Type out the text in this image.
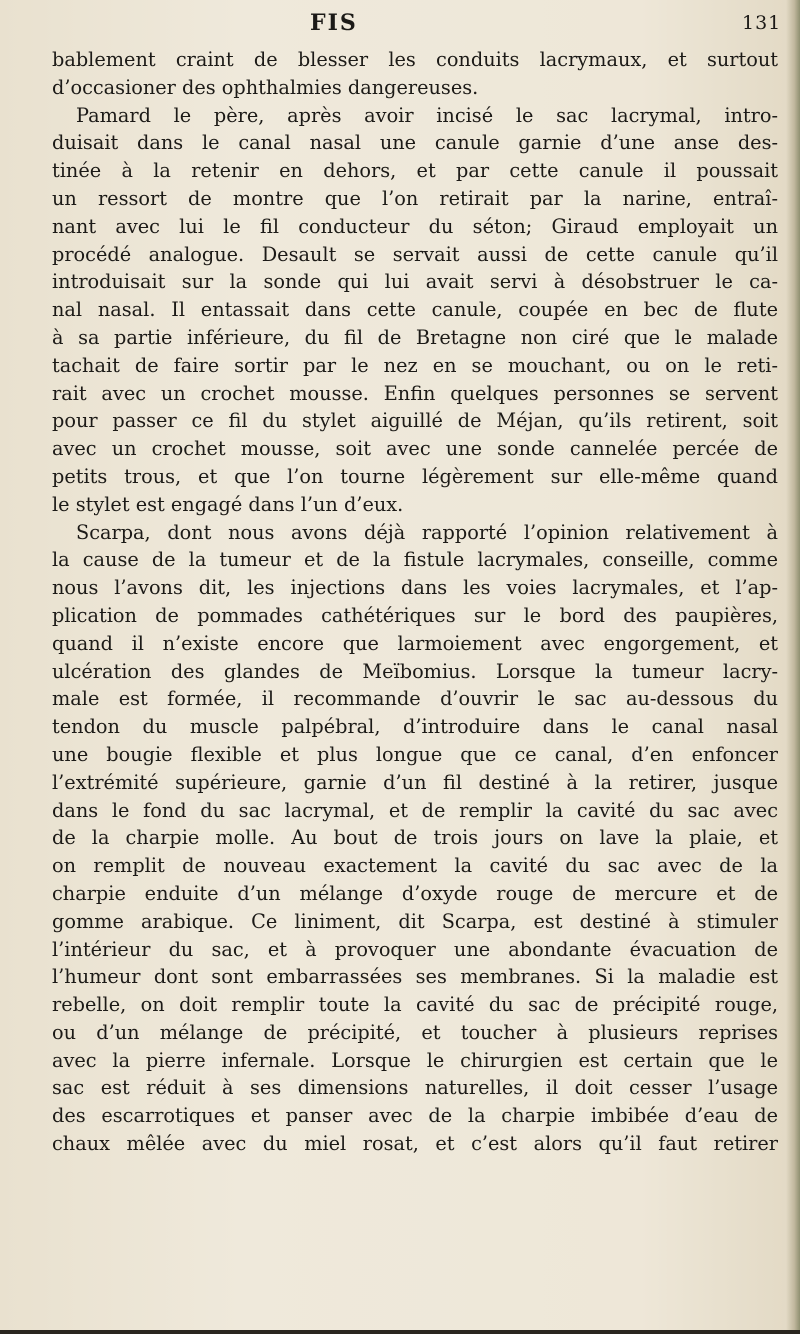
FIS	131
bablement craint de blesser les conduits lacrymaux, et surtout
d’occasioner des ophthalmies dangereuses.
Pamard le père, après avoir incisé le sac lacrymal, intro-
duisait dans le canal nasal une canule garnie d’une anse des-
tinée à la retenir en dehors, et par cette canule il poussait
un ressort de montre que l’on retirait par la narine, entraî-
nant avec lui le fil conducteur du séton; Giraud employait un
procédé analogue. Desault se servait aussi de cette canule qu’il
introduisait sur la sonde qui lui avait servi à désobstruer le ca-
nal nasal. Il entassait dans cette canule, coupée en bec de flute
à sa partie inférieure, du fil de Bretagne non ciré que le malade
tachait de faire sortir par le nez en se mouchant, ou on le reti-
rait avec un crochet mousse. Enfin quelques personnes se servent
pour passer ce fil du stylet aiguillé de Méjan, qu’ils retirent, soit
avec un crochet mousse, soit avec une sonde cannelée percée de
petits trous, et que l’on tourne légèrement sur elle-même quand
le stylet est engagé dans l’un d’eux.
Scarpa, dont nous avons déjà rapporté l’opinion relativement à
la cause de la tumeur et de la fistule lacrymales, conseille, comme
nous l’avons dit, les injections dans les voies lacrymales, et l’ap-
plication de pommades cathétériques sur le bord des paupières,
quand il n’existe encore que larmoiement avec engorgement, et
ulcération des glandes de Meïbomius. Lorsque la tumeur lacry-
male est formée, il recommande d’ouvrir le sac au-dessous du
tendon du muscle palpébral, d’introduire dans le canal nasal
une bougie flexible et plus longue que ce canal, d’en enfoncer
l’extrémité supérieure, garnie d’un fil destiné à la retirer, jusque
dans le fond du sac lacrymal, et de remplir la cavité du sac avec
de la charpie molle. Au bout de trois jours on lave la plaie, et
on remplit de nouveau exactement la cavité du sac avec de la
charpie enduite d’un mélange d’oxyde rouge de mercure et de
gomme arabique. Ce liniment, dit Scarpa, est destiné à stimuler
l’intérieur du sac, et à provoquer une abondante évacuation de
l’humeur dont sont embarrassées ses membranes. Si la maladie est
rebelle, on doit remplir toute la cavité du sac de précipité rouge,
ou d’un mélange de précipité, et toucher à plusieurs reprises
avec la pierre infernale. Lorsque le chirurgien est certain que le
sac est réduit à ses dimensions naturelles, il doit cesser l’usage
des escarrotiques et panser avec de la charpie imbibée d’eau de
chaux mêlée avec du miel rosat, et c’est alors qu’il faut retirer
